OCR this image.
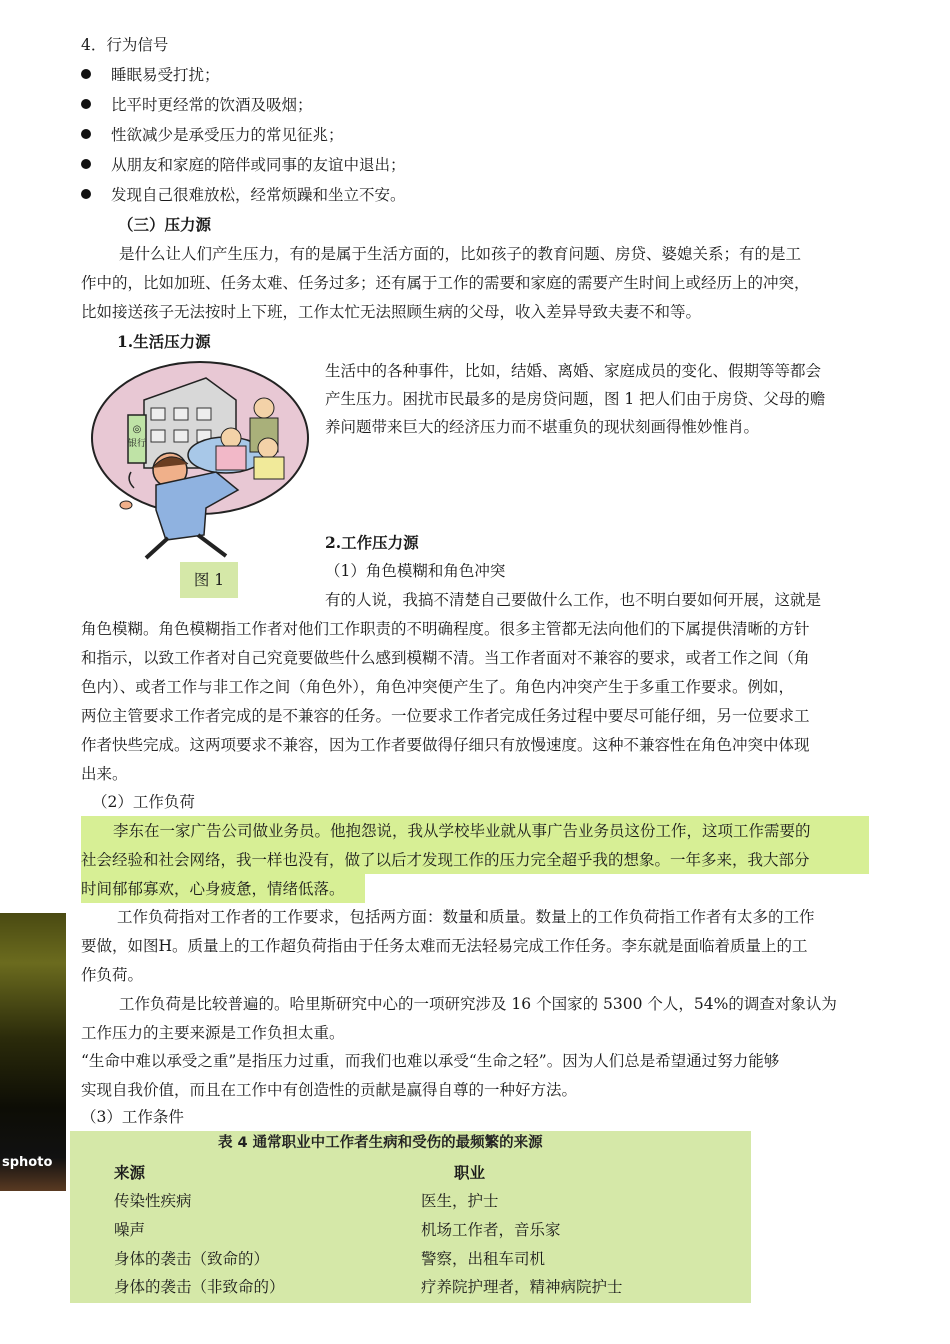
4．行为信号
睡眠易受打扰；
比平时更经常的饮酒及吸烟；
性欲减少是承受压力的常见征兆；
从朋友和家庭的陪伴或同事的友谊中退出；
发现自己很难放松，经常烦躁和坐立不安。
（三）压力源
是什么让人们产生压力，有的是属于生活方面的，比如孩子的教育问题、房贷、婆媳关系；有的是工
作中的，比如加班、任务太难、任务过多；还有属于工作的需要和家庭的需要产生时间上或经历上的冲突，
比如接送孩子无法按时上下班，工作太忙无法照顾生病的父母，收入差异导致夫妻不和等。
1.生活压力源
◎
银行
图 1
生活中的各种事件，比如，结婚、离婚、家庭成员的变化、假期等等都会
产生压力。困扰市民最多的是房贷问题，图 1 把人们由于房贷、父母的赡
养问题带来巨大的经济压力而不堪重负的现状刻画得惟妙惟肖。
2.工作压力源
（1）角色模糊和角色冲突
有的人说，我搞不清楚自己要做什么工作，也不明白要如何开展，这就是
角色模糊。角色模糊指工作者对他们工作职责的不明确程度。很多主管都无法向他们的下属提供清晰的方针
和指示，以致工作者对自己究竟要做些什么感到模糊不清。当工作者面对不兼容的要求，或者工作之间（角
色内）、或者工作与非工作之间（角色外），角色冲突便产生了。角色内冲突产生于多重工作要求。例如，
两位主管要求工作者完成的是不兼容的任务。一位要求工作者完成任务过程中要尽可能仔细，另一位要求工
作者快些完成。这两项要求不兼容，因为工作者要做得仔细只有放慢速度。这种不兼容性在角色冲突中体现
出来。
（2）工作负荷
李东在一家广告公司做业务员。他抱怨说，我从学校毕业就从事广告业务员这份工作，这项工作需要的
社会经验和社会网络，我一样也没有，做了以后才发现工作的压力完全超乎我的想象。一年多来，我大部分
时间郁郁寡欢，心身疲惫，情绪低落。
工作负荷指对工作者的工作要求，包括两方面：数量和质量。数量上的工作负荷指工作者有太多的工作
要做，如图H。质量上的工作超负荷指由于任务太难而无法轻易完成工作任务。李东就是面临着质量上的工
作负荷。
工作负荷是比较普遍的。哈里斯研究中心的一项研究涉及 16 个国家的 5300 个人，54%的调查对象认为
工作压力的主要来源是工作负担太重。
“生命中难以承受之重”是指压力过重，而我们也难以承受“生命之轻”。因为人们总是希望通过努力能够
实现自我价值，而且在工作中有创造性的贡献是赢得自尊的一种好方法。
（3）工作条件
sphoto
表 4 通常职业中工作者生病和受伤的最频繁的来源
来源	职业
传染性疾病	医生，护士
噪声	机场工作者，音乐家
身体的袭击（致命的）	警察，出租车司机
身体的袭击（非致命的）	疗养院护理者，精神病院护士
